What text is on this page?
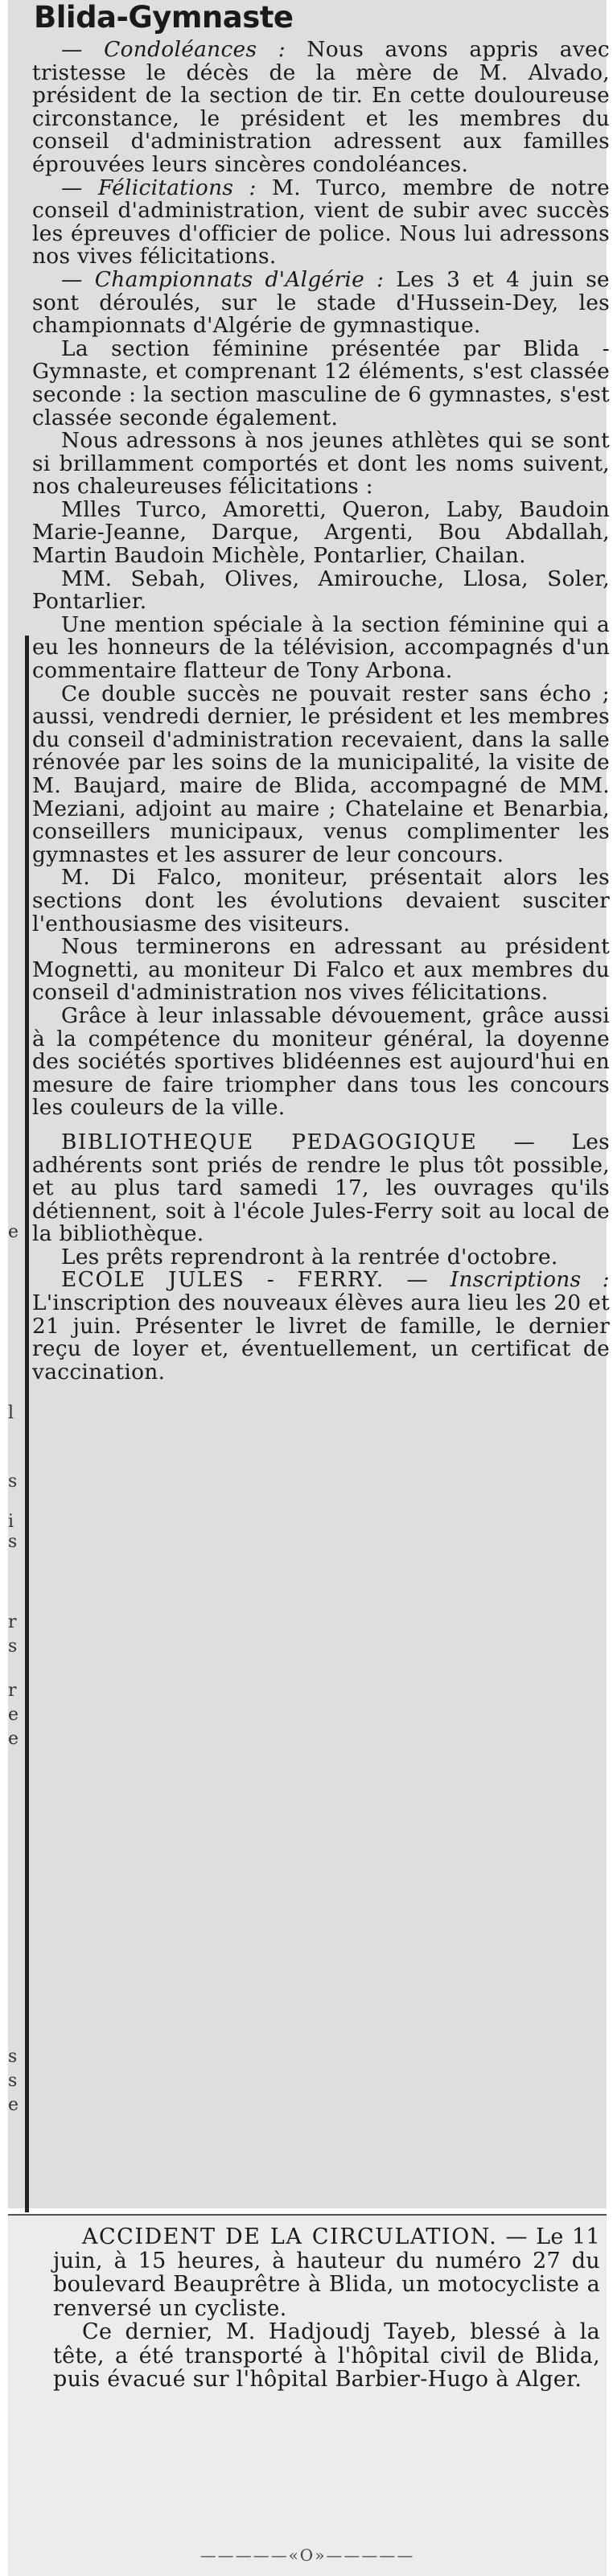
e
l
s
i
s
r
s
r
e
e
s
s
e
Blida-Gymnaste

— Condoléances : Nous avons appris avec tristesse le décès de la mère de M. Alvado, président de la section de tir. En cette douloureuse circonstance, le président et les membres du conseil d'administration adressent aux familles éprouvées leurs sincères condoléances.

— Félicitations : M. Turco, membre de notre conseil d'administration, vient de subir avec succès les épreuves d'officier de police. Nous lui adressons nos vives félicitations.

— Championnats d'Algérie : Les 3 et 4 juin se sont déroulés, sur le stade d'Hussein-Dey, les championnats d'Algérie de gymnastique.

La section féminine présentée par Blida - Gymnaste, et comprenant 12 éléments, s'est classée seconde : la section masculine de 6 gymnastes, s'est classée seconde également.

Nous adressons à nos jeunes athlètes qui se sont si brillamment comportés et dont les noms suivent, nos chaleureuses félicitations :

Mlles Turco, Amoretti, Queron, Laby, Baudoin Marie-Jeanne, Darque, Argenti, Bou Abdallah, Martin Baudoin Michèle, Pontarlier, Chailan.

MM. Sebah, Olives, Amirouche, Llosa, Soler, Pontarlier.

Une mention spéciale à la section féminine qui a eu les honneurs de la télévision, accompagnés d'un commentaire flatteur de Tony Arbona.

Ce double succès ne pouvait rester sans écho ; aussi, vendredi dernier, le président et les membres du conseil d'administration recevaient, dans la salle rénovée par les soins de la municipalité, la visite de M. Baujard, maire de Blida, accompagné de MM. Meziani, adjoint au maire ; Chatelaine et Benarbia, conseillers municipaux, venus complimenter les gymnastes et les assurer de leur concours.

M. Di Falco, moniteur, présentait alors les sections dont les évolutions devaient susciter l'enthousiasme des visiteurs.

Nous terminerons en adressant au président Mognetti, au moniteur Di Falco et aux membres du conseil d'administration nos vives félicitations.

Grâce à leur inlassable dévouement, grâce aussi à la compétence du moniteur général, la doyenne des sociétés sportives blidéennes est aujourd'hui en mesure de faire triompher dans tous les concours les couleurs de la ville.

BIBLIOTHEQUE PEDAGOGIQUE — Les adhérents sont priés de rendre le plus tôt possible, et au plus tard samedi 17, les ouvrages qu'ils détiennent, soit à l'école Jules-Ferry soit au local de la bibliothèque.

Les prêts reprendront à la rentrée d'octobre.

ECOLE JULES - FERRY. — Inscriptions : L'inscription des nouveaux élèves aura lieu les 20 et 21 juin. Présenter le livret de famille, le dernier reçu de loyer et, éventuellement, un certificat de vaccination.

ACCIDENT DE LA CIRCULATION. — Le 11 juin, à 15 heures, à hauteur du numéro 27 du boulevard Beauprêtre à Blida, un motocycliste a renversé un cycliste.

Ce dernier, M. Hadjoudj Tayeb, blessé à la tête, a été transporté à l'hôpital civil de Blida, puis évacué sur l'hôpital Barbier-Hugo à Alger.

—————«O»—————
